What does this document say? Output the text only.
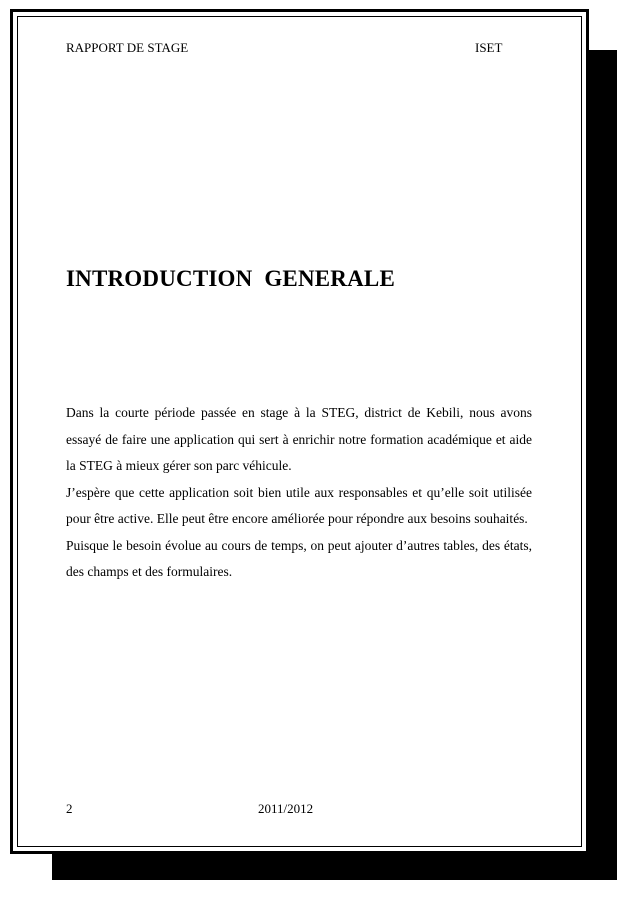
RAPPORT DE STAGE	ISET
INTRODUCTION  GENERALE

Dans la courte période passée en stage à la STEG, district de Kebili, nous avons essayé de faire une application qui sert à enrichir notre formation académique et aide la STEG à mieux gérer son parc véhicule.

J’espère que cette application soit bien utile aux responsables et qu’elle soit utilisée pour être active. Elle peut être encore améliorée pour répondre aux besoins souhaités.

Puisque le besoin évolue au cours de temps, on peut ajouter d’autres tables, des états, des champs et des formulaires.

2	2011/2012
